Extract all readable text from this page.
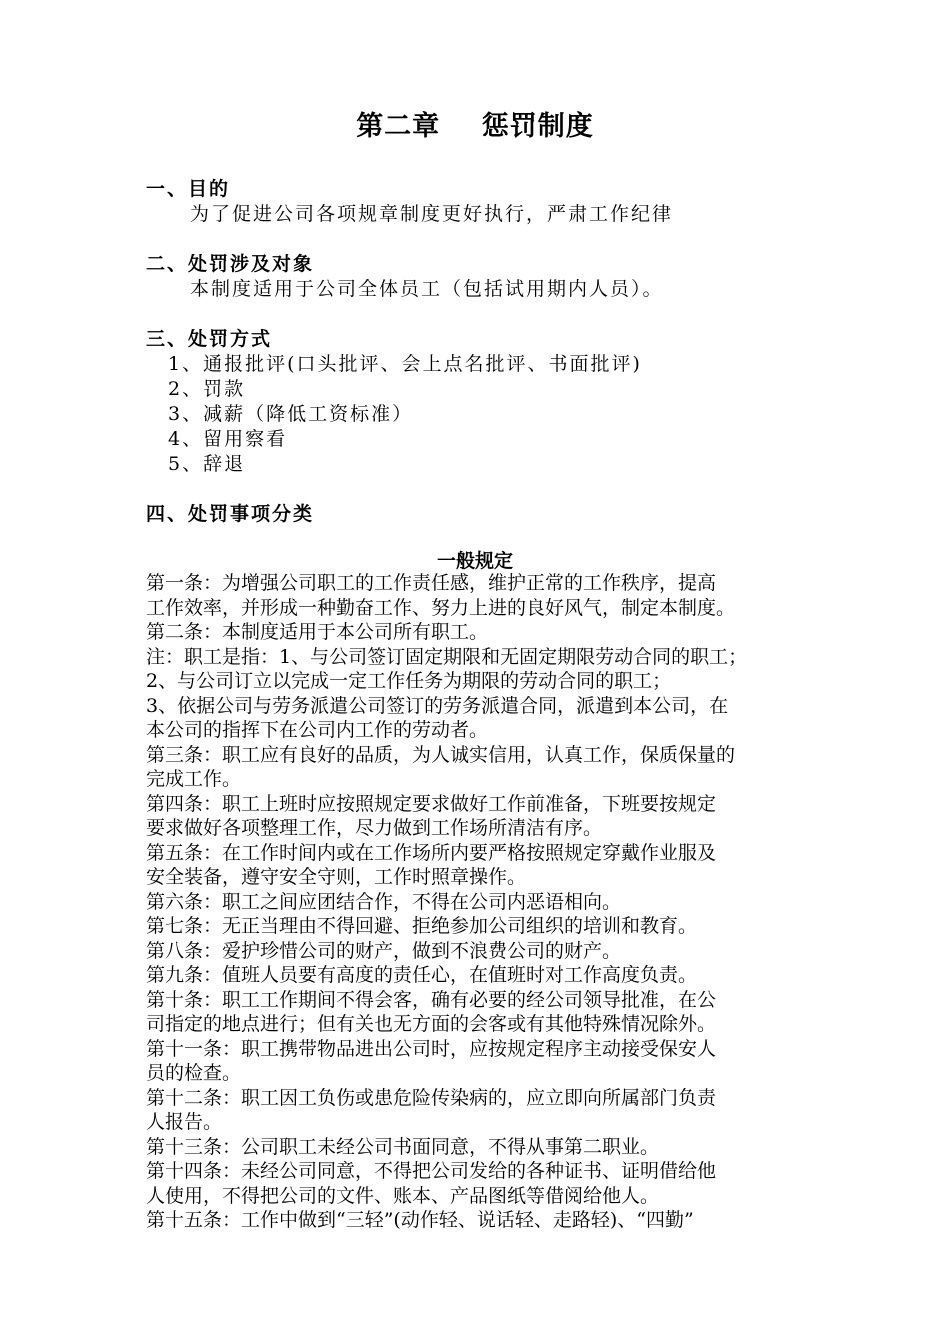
第二章    惩罚制度
一、目的
为了促进公司各项规章制度更好执行，严肃工作纪律
二、处罚涉及对象
本制度适用于公司全体员工（包括试用期内人员）。
三、处罚方式
1、通报批评(口头批评、会上点名批评、书面批评)
2、罚款
3、减薪（降低工资标准）
4、留用察看
5、辞退
四、处罚事项分类
一般规定
第一条：为增强公司职工的工作责任感，维护正常的工作秩序，提高
工作效率，并形成一种勤奋工作、努力上进的良好风气，制定本制度。
第二条：本制度适用于本公司所有职工。
注：职工是指：1、与公司签订固定期限和无固定期限劳动合同的职工；
2、与公司订立以完成一定工作任务为期限的劳动合同的职工；
3、依据公司与劳务派遣公司签订的劳务派遣合同，派遣到本公司，在
本公司的指挥下在公司内工作的劳动者。
第三条：职工应有良好的品质，为人诚实信用，认真工作，保质保量的
完成工作。
第四条：职工上班时应按照规定要求做好工作前准备，下班要按规定
要求做好各项整理工作，尽力做到工作场所清洁有序。
第五条：在工作时间内或在工作场所内要严格按照规定穿戴作业服及
安全装备，遵守安全守则，工作时照章操作。
第六条：职工之间应团结合作，不得在公司内恶语相向。
第七条：无正当理由不得回避、拒绝参加公司组织的培训和教育。
第八条：爱护珍惜公司的财产，做到不浪费公司的财产。
第九条：值班人员要有高度的责任心，在值班时对工作高度负责。
第十条：职工工作期间不得会客，确有必要的经公司领导批准，在公
司指定的地点进行；但有关也无方面的会客或有其他特殊情况除外。
第十一条：职工携带物品进出公司时，应按规定程序主动接受保安人
员的检查。
第十二条：职工因工负伤或患危险传染病的，应立即向所属部门负责
人报告。
第十三条：公司职工未经公司书面同意，不得从事第二职业。
第十四条：未经公司同意，不得把公司发给的各种证书、证明借给他
人使用，不得把公司的文件、账本、产品图纸等借阅给他人。
第十五条：工作中做到“三轻”(动作轻、说话轻、走路轻)、“四勤”
